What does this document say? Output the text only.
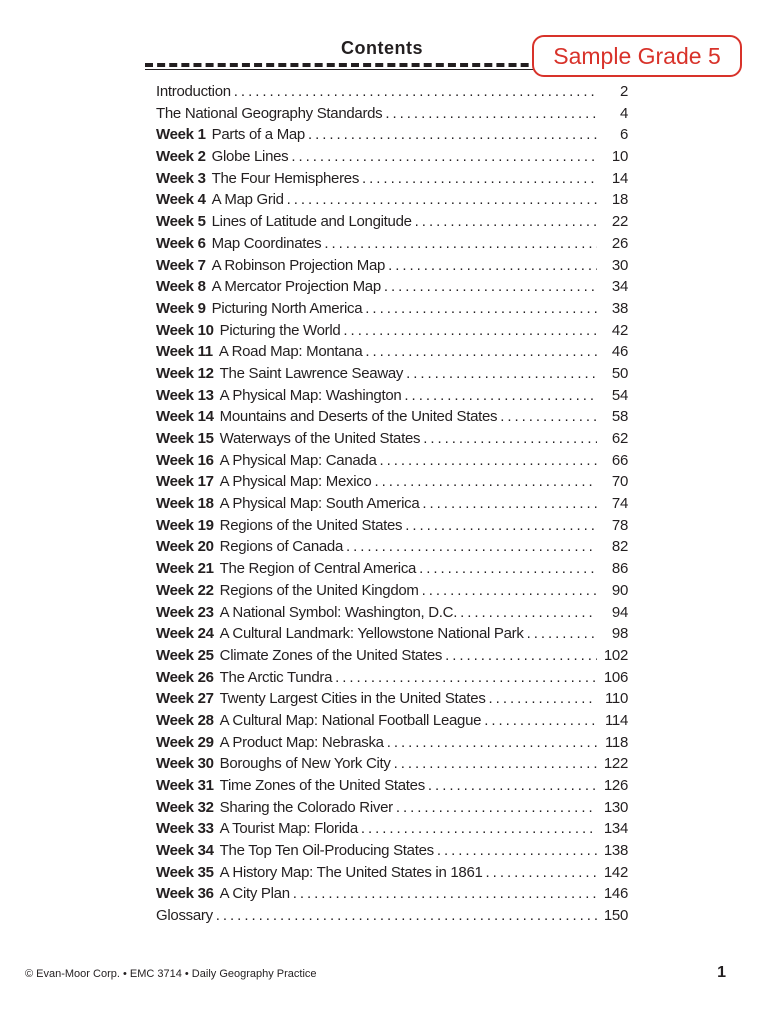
Contents	Sample Grade 5
Introduction . . .	2
The National Geography Standards . . .	4
Week 1 Parts of a Map . . .	6
Week 2 Globe Lines . . .	10
Week 3 The Four Hemispheres . . .	14
Week 4 A Map Grid . . .	18
Week 5 Lines of Latitude and Longitude . . .	22
Week 6 Map Coordinates . . .	26
Week 7 A Robinson Projection Map . . .	30
Week 8 A Mercator Projection Map . . .	34
Week 9 Picturing North America . . .	38
Week 10 Picturing the World . . .	42
Week 11 A Road Map: Montana . . .	46
Week 12 The Saint Lawrence Seaway . . .	50
Week 13 A Physical Map: Washington . . .	54
Week 14 Mountains and Deserts of the United States . . .	58
Week 15 Waterways of the United States . . .	62
Week 16 A Physical Map: Canada . . .	66
Week 17 A Physical Map: Mexico . . .	70
Week 18 A Physical Map: South America . . .	74
Week 19 Regions of the United States . . .	78
Week 20 Regions of Canada . . .	82
Week 21 The Region of Central America . . .	86
Week 22 Regions of the United Kingdom . . .	90
Week 23 A National Symbol: Washington, D.C. . . .	94
Week 24 A Cultural Landmark: Yellowstone National Park . . .	98
Week 25 Climate Zones of the United States . . .	102
Week 26 The Arctic Tundra . . .	106
Week 27 Twenty Largest Cities in the United States . . .	110
Week 28 A Cultural Map: National Football League . . .	114
Week 29 A Product Map: Nebraska . . .	118
Week 30 Boroughs of New York City . . .	122
Week 31 Time Zones of the United States . . .	126
Week 32 Sharing the Colorado River . . .	130
Week 33 A Tourist Map: Florida . . .	134
Week 34 The Top Ten Oil-Producing States . . .	138
Week 35 A History Map: The United States in 1861 . . .	142
Week 36 A City Plan . . .	146
Glossary . . .	150
© Evan-Moor Corp. • EMC 3714 • Daily Geography Practice	1
